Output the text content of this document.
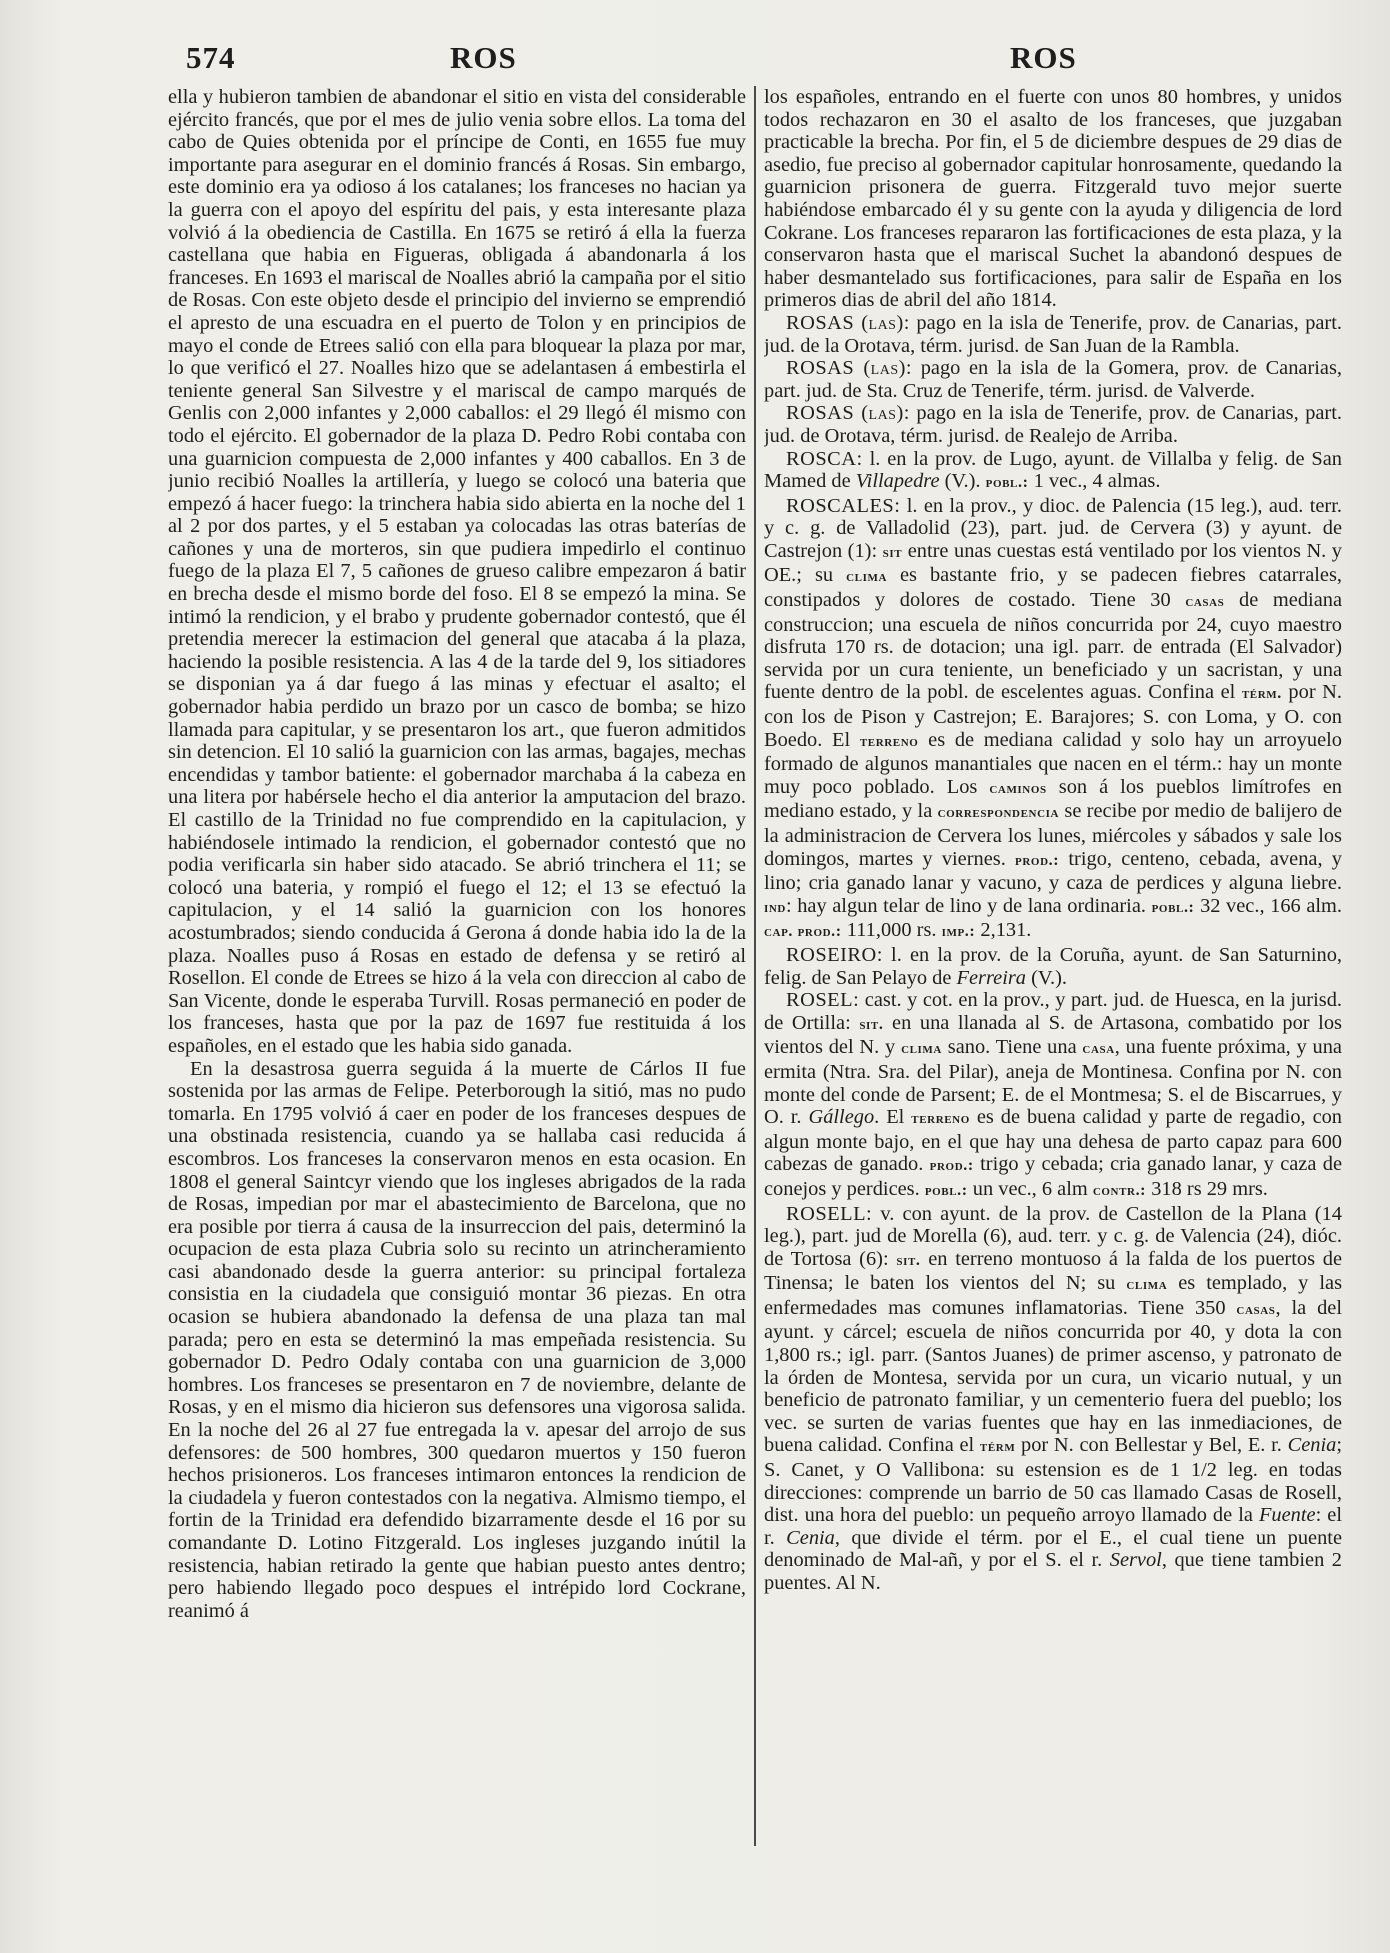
574	ROS	ROS

ella y hubieron tambien de abandonar el sitio en vista del considerable ejército francés, que por el mes de julio venia sobre ellos. La toma del cabo de Quies obtenida por el príncipe de Conti, en 1655 fue muy importante para asegurar en el dominio francés á Rosas. Sin embargo, este dominio era ya odioso á los catalanes; los franceses no hacian ya la guerra con el apoyo del espíritu del pais, y esta interesante plaza volvió á la obediencia de Castilla. En 1675 se retiró á ella la fuerza castellana que habia en Figueras, obligada á abandonarla á los franceses. En 1693 el mariscal de Noalles abrió la campaña por el sitio de Rosas. Con este objeto desde el principio del invierno se emprendió el apresto de una escuadra en el puerto de Tolon y en principios de mayo el conde de Etrees salió con ella para bloquear la plaza por mar, lo que verificó el 27. Noalles hizo que se adelantasen á embestirla el teniente general San Silvestre y el mariscal de campo marqués de Genlis con 2,000 infantes y 2,000 caballos: el 29 llegó él mismo con todo el ejército. El gobernador de la plaza D. Pedro Robi contaba con una guarnicion compuesta de 2,000 infantes y 400 caballos. En 3 de junio recibió Noalles la artillería, y luego se colocó una bateria que empezó á hacer fuego: la trinchera habia sido abierta en la noche del 1 al 2 por dos partes, y el 5 estaban ya colocadas las otras baterías de cañones y una de morteros, sin que pudiera impedirlo el continuo fuego de la plaza El 7, 5 cañones de grueso calibre empezaron á batir en brecha desde el mismo borde del foso. El 8 se empezó la mina. Se intimó la rendicion, y el brabo y prudente gobernador contestó, que él pretendia merecer la estimacion del general que atacaba á la plaza, haciendo la posible resistencia. A las 4 de la tarde del 9, los sitiadores se disponian ya á dar fuego á las minas y efectuar el asalto; el gobernador habia perdido un brazo por un casco de bomba; se hizo llamada para capitular, y se presentaron los art., que fueron admitidos sin detencion. El 10 salió la guarnicion con las armas, bagajes, mechas encendidas y tambor batiente: el gobernador marchaba á la cabeza en una litera por habérsele hecho el dia anterior la amputacion del brazo. El castillo de la Trinidad no fue comprendido en la capitulacion, y habiéndosele intimado la rendicion, el gobernador contestó que no podia verificarla sin haber sido atacado. Se abrió trinchera el 11; se colocó una bateria, y rompió el fuego el 12; el 13 se efectuó la capitulacion, y el 14 salió la guarnicion con los honores acostumbrados; siendo conducida á Gerona á donde habia ido la de la plaza. Noalles puso á Rosas en estado de defensa y se retiró al Rosellon. El conde de Etrees se hizo á la vela con direccion al cabo de San Vicente, donde le esperaba Turvill. Rosas permaneció en poder de los franceses, hasta que por la paz de 1697 fue restituida á los españoles, en el estado que les habia sido ganada.

En la desastrosa guerra seguida á la muerte de Cárlos II fue sostenida por las armas de Felipe. Peterborough la sitió, mas no pudo tomarla. En 1795 volvió á caer en poder de los franceses despues de una obstinada resistencia, cuando ya se hallaba casi reducida á escombros. Los franceses la conservaron menos en esta ocasion. En 1808 el general Saintcyr viendo que los ingleses abrigados de la rada de Rosas, impedian por mar el abastecimiento de Barcelona, que no era posible por tierra á causa de la insurreccion del pais, determinó la ocupacion de esta plaza Cubria solo su recinto un atrincheramiento casi abandonado desde la guerra anterior: su principal fortaleza consistia en la ciudadela que consiguió montar 36 piezas. En otra ocasion se hubiera abandonado la defensa de una plaza tan mal parada; pero en esta se determinó la mas empeñada resistencia. Su gobernador D. Pedro Odaly contaba con una guarnicion de 3,000 hombres. Los franceses se presentaron en 7 de noviembre, delante de Rosas, y en el mismo dia hicieron sus defensores una vigorosa salida. En la noche del 26 al 27 fue entregada la v. apesar del arrojo de sus defensores: de 500 hombres, 300 quedaron muertos y 150 fueron hechos prisioneros. Los franceses intimaron entonces la rendicion de la ciudadela y fueron contestados con la negativa. Almismo tiempo, el fortin de la Trinidad era defendido bizarramente desde el 16 por su comandante D. Lotino Fitzgerald. Los ingleses juzgando inútil la resistencia, habian retirado la gente que habian puesto antes dentro; pero habiendo llegado poco despues el intrépido lord Cockrane, reanimó á

los españoles, entrando en el fuerte con unos 80 hombres, y unidos todos rechazaron en 30 el asalto de los franceses, que juzgaban practicable la brecha. Por fin, el 5 de diciembre despues de 29 dias de asedio, fue preciso al gobernador capitular honrosamente, quedando la guarnicion prisonera de guerra. Fitzgerald tuvo mejor suerte habiéndose embarcado él y su gente con la ayuda y diligencia de lord Cokrane. Los franceses repararon las fortificaciones de esta plaza, y la conservaron hasta que el mariscal Suchet la abandonó despues de haber desmantelado sus fortificaciones, para salir de España en los primeros dias de abril del año 1814.

ROSAS (las): pago en la isla de Tenerife, prov. de Canarias, part. jud. de la Orotava, térm. jurisd. de San Juan de la Rambla.

ROSAS (las): pago en la isla de la Gomera, prov. de Canarias, part. jud. de Sta. Cruz de Tenerife, térm. jurisd. de Valverde.

ROSAS (las): pago en la isla de Tenerife, prov. de Canarias, part. jud. de Orotava, térm. jurisd. de Realejo de Arriba.

ROSCA: l. en la prov. de Lugo, ayunt. de Villalba y felig. de San Mamed de Villapedre (V.). pobl.: 1 vec., 4 almas.

ROSCALES: l. en la prov., y dioc. de Palencia (15 leg.), aud. terr. y c. g. de Valladolid (23), part. jud. de Cervera (3) y ayunt. de Castrejon (1): sit entre unas cuestas está ventilado por los vientos N. y OE.; su clima es bastante frio, y se padecen fiebres catarrales, constipados y dolores de costado. Tiene 30 casas de mediana construccion; una escuela de niños concurrida por 24, cuyo maestro disfruta 170 rs. de dotacion; una igl. parr. de entrada (El Salvador) servida por un cura teniente, un beneficiado y un sacristan, y una fuente dentro de la pobl. de escelentes aguas. Confina el térm. por N. con los de Pison y Castrejon; E. Barajores; S. con Loma, y O. con Boedo. El terreno es de mediana calidad y solo hay un arroyuelo formado de algunos manantiales que nacen en el térm.: hay un monte muy poco poblado. Los caminos son á los pueblos limítrofes en mediano estado, y la correspondencia se recibe por medio de balijero de la administracion de Cervera los lunes, miércoles y sábados y sale los domingos, martes y viernes. prod.: trigo, centeno, cebada, avena, y lino; cria ganado lanar y vacuno, y caza de perdices y alguna liebre. ind: hay algun telar de lino y de lana ordinaria. pobl.: 32 vec., 166 alm. cap. prod.: 111,000 rs. imp.: 2,131.

ROSEIRO: l. en la prov. de la Coruña, ayunt. de San Saturnino, felig. de San Pelayo de Ferreira (V.).

ROSEL: cast. y cot. en la prov., y part. jud. de Huesca, en la jurisd. de Ortilla: sit. en una llanada al S. de Artasona, combatido por los vientos del N. y clima sano. Tiene una casa, una fuente próxima, y una ermita (Ntra. Sra. del Pilar), aneja de Montinesa. Confina por N. con monte del conde de Parsent; E. de el Montmesa; S. el de Biscarrues, y O. r. Gállego. El terreno es de buena calidad y parte de regadio, con algun monte bajo, en el que hay una dehesa de parto capaz para 600 cabezas de ganado. prod.: trigo y cebada; cria ganado lanar, y caza de conejos y perdices. pobl.: un vec., 6 alm contr.: 318 rs 29 mrs.

ROSELL: v. con ayunt. de la prov. de Castellon de la Plana (14 leg.), part. jud de Morella (6), aud. terr. y c. g. de Valencia (24), dióc. de Tortosa (6): sit. en terreno montuoso á la falda de los puertos de Tinensa; le baten los vientos del N; su clima es templado, y las enfermedades mas comunes inflamatorias. Tiene 350 casas, la del ayunt. y cárcel; escuela de niños concurrida por 40, y dota la con 1,800 rs.; igl. parr. (Santos Juanes) de primer ascenso, y patronato de la órden de Montesa, servida por un cura, un vicario nutual, y un beneficio de patronato familiar, y un cementerio fuera del pueblo; los vec. se surten de varias fuentes que hay en las inmediaciones, de buena calidad. Confina el térm por N. con Bellestar y Bel, E. r. Cenia; S. Canet, y O Vallibona: su estension es de 1 1/2 leg. en todas direcciones: comprende un barrio de 50 cas llamado Casas de Rosell, dist. una hora del pueblo: un pequeño arroyo llamado de la Fuente: el r. Cenia, que divide el térm. por el E., el cual tiene un puente denominado de Mal-añ, y por el S. el r. Servol, que tiene tambien 2 puentes. Al N.
